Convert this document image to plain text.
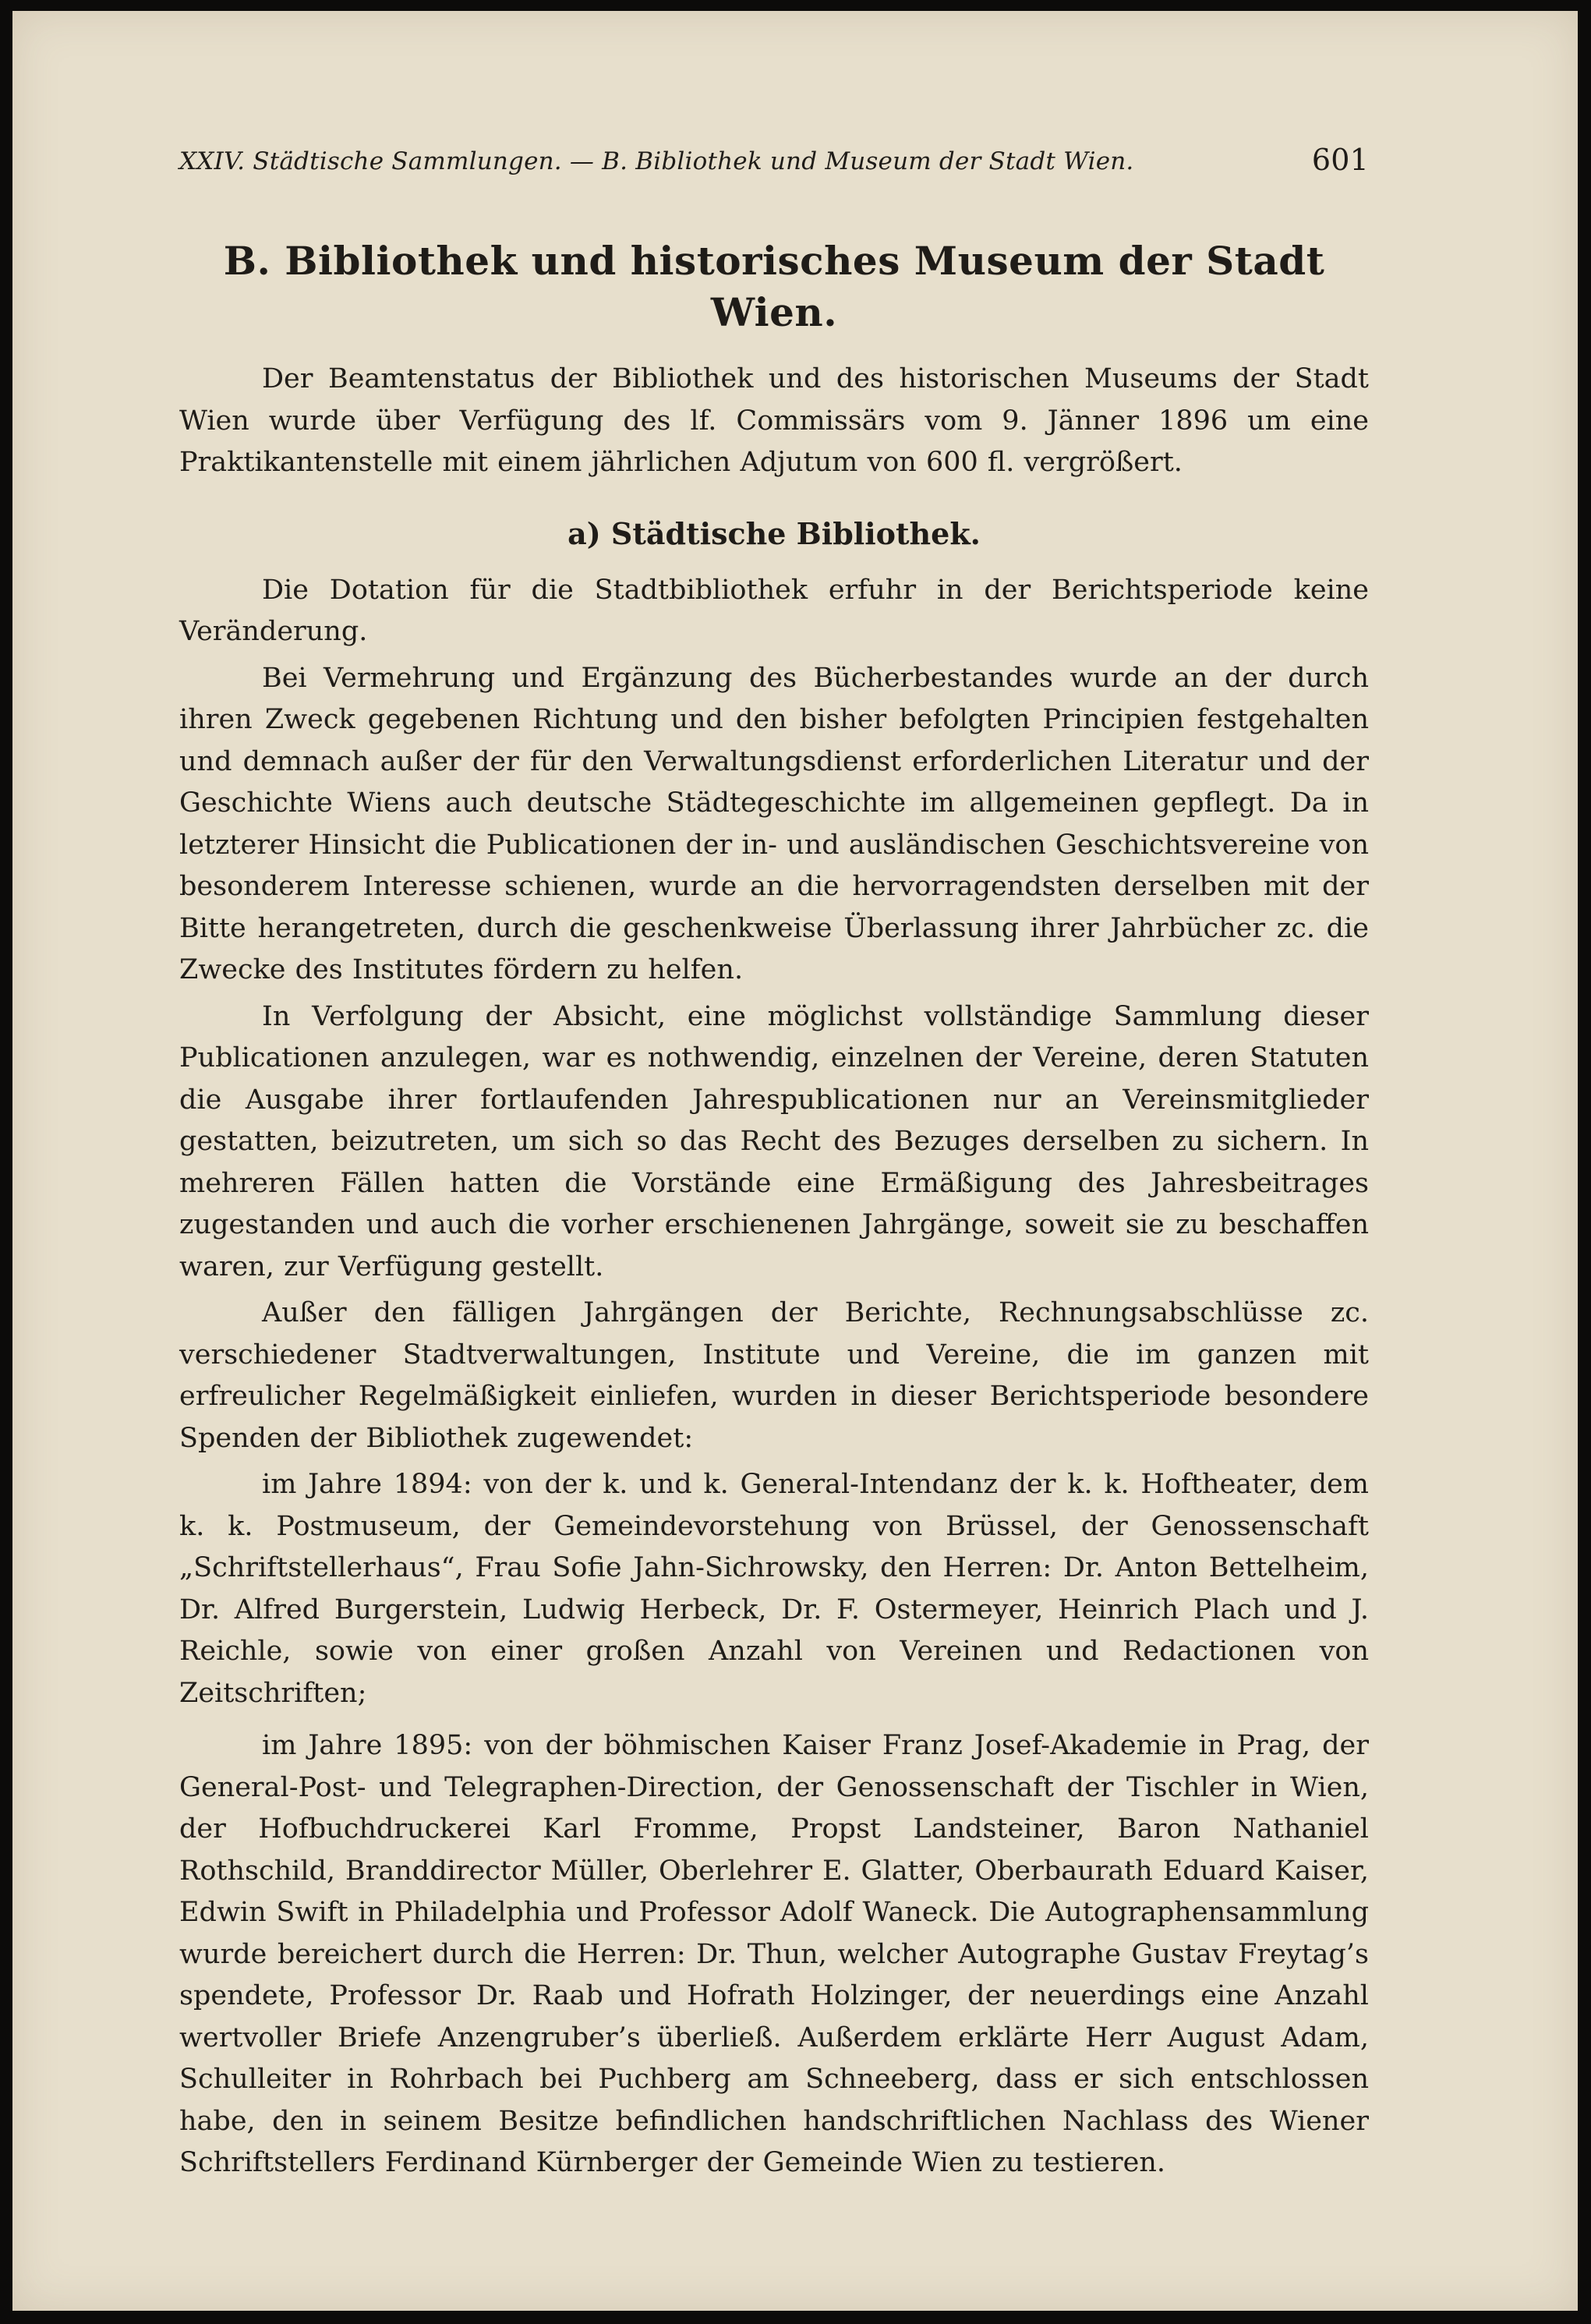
XXIV. Städtische Sammlungen. — B. Bibliothek und Museum der Stadt Wien.	601
B. Bibliothek und historisches Museum der Stadt Wien.

Der Beamtenstatus der Bibliothek und des historischen Museums der Stadt Wien wurde über Verfügung des lf. Commissärs vom 9. Jänner 1896 um eine Praktikantenstelle mit einem jährlichen Adjutum von 600 fl. vergrößert.

a) Städtische Bibliothek.

Die Dotation für die Stadtbibliothek erfuhr in der Berichtsperiode keine Veränderung.

Bei Vermehrung und Ergänzung des Bücherbestandes wurde an der durch ihren Zweck gegebenen Richtung und den bisher befolgten Principien festgehalten und demnach außer der für den Verwaltungsdienst erforderlichen Literatur und der Geschichte Wiens auch deutsche Städtegeschichte im allgemeinen gepflegt. Da in letzterer Hinsicht die Publicationen der in- und ausländischen Geschichtsvereine von besonderem Interesse schienen, wurde an die hervorragendsten derselben mit der Bitte herangetreten, durch die geschenkweise Überlassung ihrer Jahrbücher zc. die Zwecke des Institutes fördern zu helfen.

In Verfolgung der Absicht, eine möglichst vollständige Sammlung dieser Publicationen anzulegen, war es nothwendig, einzelnen der Vereine, deren Statuten die Ausgabe ihrer fortlaufenden Jahrespublicationen nur an Vereinsmitglieder gestatten, beizutreten, um sich so das Recht des Bezuges derselben zu sichern. In mehreren Fällen hatten die Vorstände eine Ermäßigung des Jahresbeitrages zugestanden und auch die vorher erschienenen Jahrgänge, soweit sie zu beschaffen waren, zur Verfügung gestellt.

Außer den fälligen Jahrgängen der Berichte, Rechnungsabschlüsse zc. verschiedener Stadtverwaltungen, Institute und Vereine, die im ganzen mit erfreulicher Regelmäßigkeit einliefen, wurden in dieser Berichtsperiode besondere Spenden der Bibliothek zugewendet:

im Jahre 1894: von der k. und k. General-Intendanz der k. k. Hoftheater, dem k. k. Postmuseum, der Gemeindevorstehung von Brüssel, der Genossenschaft „Schriftstellerhaus“, Frau Sofie Jahn-Sichrowsky, den Herren: Dr. Anton Bettelheim, Dr. Alfred Burgerstein, Ludwig Herbeck, Dr. F. Ostermeyer, Heinrich Plach und J. Reichle, sowie von einer großen Anzahl von Vereinen und Redactionen von Zeitschriften;

im Jahre 1895: von der böhmischen Kaiser Franz Josef-Akademie in Prag, der General-Post- und Telegraphen-Direction, der Genossenschaft der Tischler in Wien, der Hofbuchdruckerei Karl Fromme, Propst Landsteiner, Baron Nathaniel Rothschild, Branddirector Müller, Oberlehrer E. Glatter, Oberbaurath Eduard Kaiser, Edwin Swift in Philadelphia und Professor Adolf Waneck. Die Autographensammlung wurde bereichert durch die Herren: Dr. Thun, welcher Autographe Gustav Freytag’s spendete, Professor Dr. Raab und Hofrath Holzinger, der neuerdings eine Anzahl wertvoller Briefe Anzengruber’s überließ. Außerdem erklärte Herr August Adam, Schulleiter in Rohrbach bei Puchberg am Schneeberg, dass er sich entschlossen habe, den in seinem Besitze befindlichen handschriftlichen Nachlass des Wiener Schriftstellers Ferdinand Kürnberger der Gemeinde Wien zu testieren.
